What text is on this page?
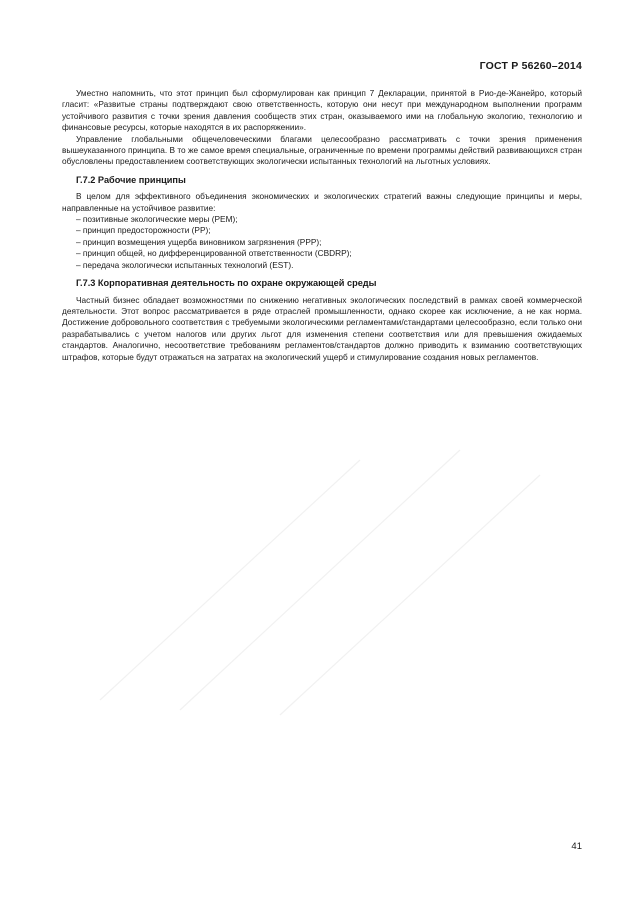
ГОСТ Р 56260–2014

Уместно напомнить, что этот принцип был сформулирован как принцип 7 Декларации, принятой в Рио-де-Жанейро, который гласит: «Развитые страны подтверждают свою ответственность, которую они несут при международном выполнении программ устойчивого развития с точки зрения давления сообществ этих стран, оказываемого ими на глобальную экологию, технологию и финансовые ресурсы, которые находятся в их распоряжении».

Управление глобальными общечеловеческими благами целесообразно рассматривать с точки зрения применения вышеуказанного принципа. В то же самое время специальные, ограниченные по времени программы действий развивающихся стран обусловлены предоставлением соответствующих экологически испытанных технологий на льготных условиях.

Г.7.2 Рабочие принципы

В целом для эффективного объединения экономических и экологических стратегий важны следующие принципы и меры, направленные на устойчивое развитие:

– позитивные экологические меры (PEM);
– принцип предосторожности (PP);
– принцип возмещения ущерба виновником загрязнения (PPP);
– принцип общей, но дифференцированной ответственности (CBDRP);
– передача экологически испытанных технологий (EST).
Г.7.3 Корпоративная деятельность по охране окружающей среды

Частный бизнес обладает возможностями по снижению негативных экологических последствий в рамках своей коммерческой деятельности. Этот вопрос рассматривается в ряде отраслей промышленности, однако скорее как исключение, а не как норма. Достижение добровольного соответствия с требуемыми экологическими регламентами/стандартами целесообразно, если только они разрабатывались с учетом налогов или других льгот для изменения степени соответствия или для превышения ожидаемых стандартов. Аналогично, несоответствие требованиям регламентов/стандартов должно приводить к взиманию соответствующих штрафов, которые будут отражаться на затратах на экологический ущерб и стимулирование создания новых регламентов.

41
